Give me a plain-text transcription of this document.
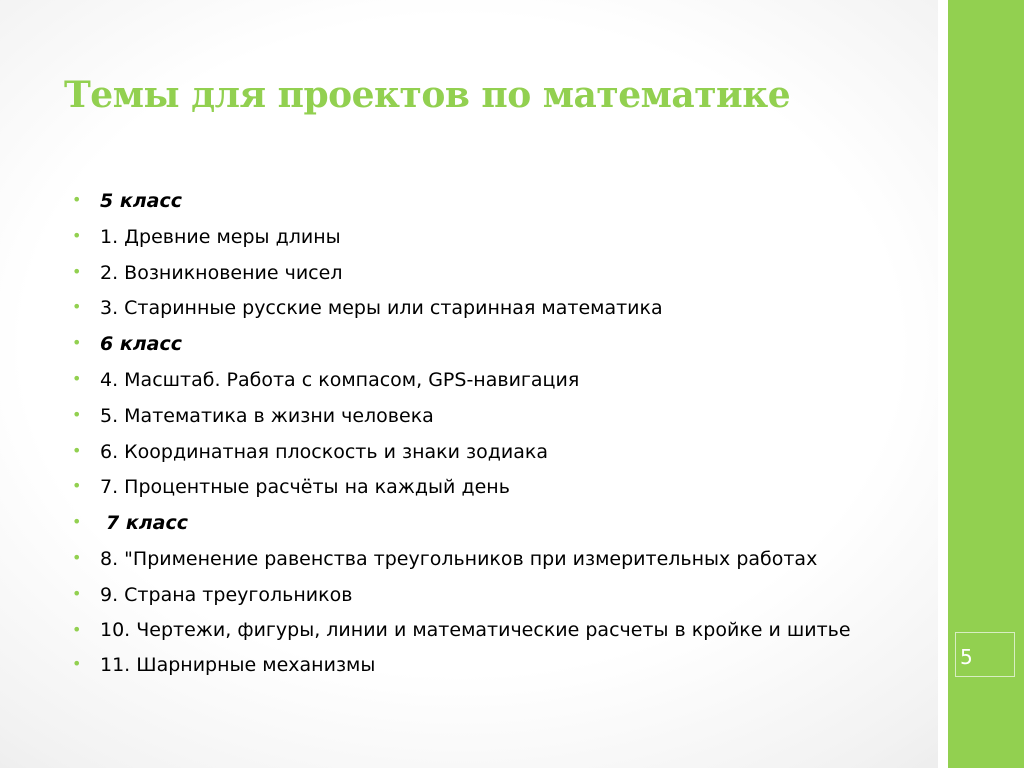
5
Темы для проектов по математике
• 5 класс
• 1. Древние меры длины
• 2. Возникновение чисел
• 3. Старинные русские меры или старинная математика
• 6 класс
• 4. Масштаб. Работа с компасом, GPS-навигация
• 5. Математика в жизни человека
• 6. Координатная плоскость и знаки зодиака
• 7. Процентные расчёты на каждый день
• 7 класс
• 8. "Применение равенства треугольников при измерительных работах
• 9. Страна треугольников
• 10. Чертежи, фигуры, линии и математические расчеты в кройке и шитье
• 11. Шарнирные механизмы
